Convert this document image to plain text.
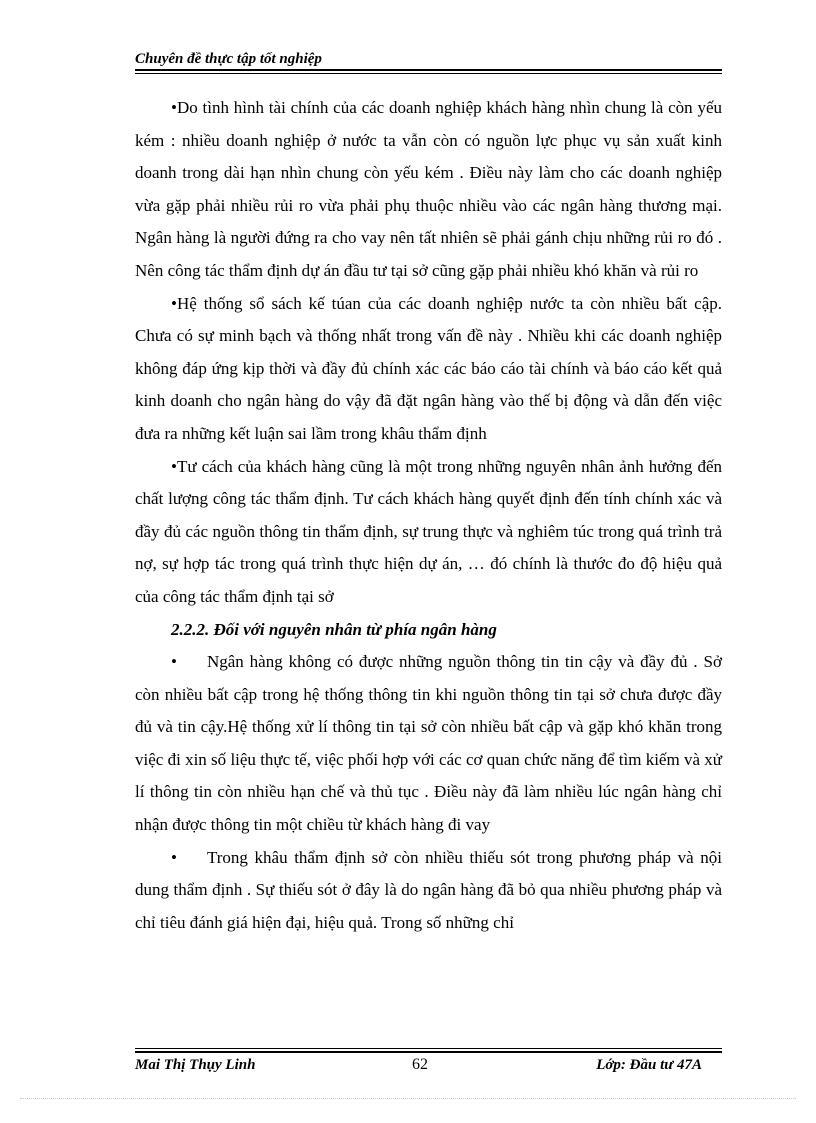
Chuyên đề thực tập tốt nghiệp

•Do tình hình tài chính của các doanh nghiệp khách hàng nhìn chung là còn yếu kém : nhiều doanh nghiệp ở nước ta vẫn còn có nguồn lực phục vụ sản xuất kinh doanh trong dài hạn nhìn chung còn yếu kém . Điều này làm cho các doanh nghiệp vừa gặp phải nhiều rủi ro vừa phải phụ thuộc nhiều vào các ngân hàng thương mại. Ngân hàng là người đứng ra cho vay nên tất nhiên sẽ phải gánh chịu những rủi ro đó . Nên công tác thẩm định dự án đầu tư tại sở cũng gặp phải nhiều khó khăn và rủi ro

•Hệ thống sổ sách kế túan của các doanh nghiệp nước ta còn nhiều bất cập. Chưa có sự minh bạch và thống nhất trong vấn đề này . Nhiều khi các doanh nghiệp không đáp ứng kịp thời và đầy đủ chính xác các báo cáo tài chính và báo cáo kết quả kinh doanh cho ngân hàng do vậy đã đặt ngân hàng vào thế bị động và dẫn đến việc đưa ra những kết luận sai lầm trong khâu thẩm định

•Tư cách của khách hàng cũng là một trong những nguyên nhân ảnh hưởng đến chất lượng công tác thẩm định. Tư cách khách hàng quyết định đến tính chính xác và đầy đủ các nguồn thông tin thẩm định, sự trung thực và nghiêm túc trong quá trình trả nợ, sự hợp tác trong quá trình thực hiện dự án, … đó chính là thước đo độ hiệu quả của công tác thẩm định tại sở

2.2.2. Đối với nguyên nhân từ phía ngân hàng

• Ngân hàng không có được những nguồn thông tin tin cậy và đầy đủ . Sở còn nhiều bất cập trong hệ thống thông tin khi nguồn thông tin tại sở chưa được đầy đủ và tin cậy.Hệ thống xử lí thông tin tại sở còn nhiều bất cập và gặp khó khăn trong việc đi xin số liệu thực tế, việc phối hợp với các cơ quan chức năng để tìm kiếm và xử lí thông tin còn nhiều hạn chế và thủ tục . Điều này đã làm nhiều lúc ngân hàng chỉ nhận được thông tin một chiều từ khách hàng đi vay

• Trong khâu thẩm định sở còn nhiều thiếu sót trong phương pháp và nội dung thẩm định . Sự thiếu sót ở đây là do ngân hàng đã bỏ qua nhiều phương pháp và chỉ tiêu đánh giá hiện đại, hiệu quả. Trong số những chỉ

Mai Thị Thụy Linh	62	Lớp: Đầu tư 47A
